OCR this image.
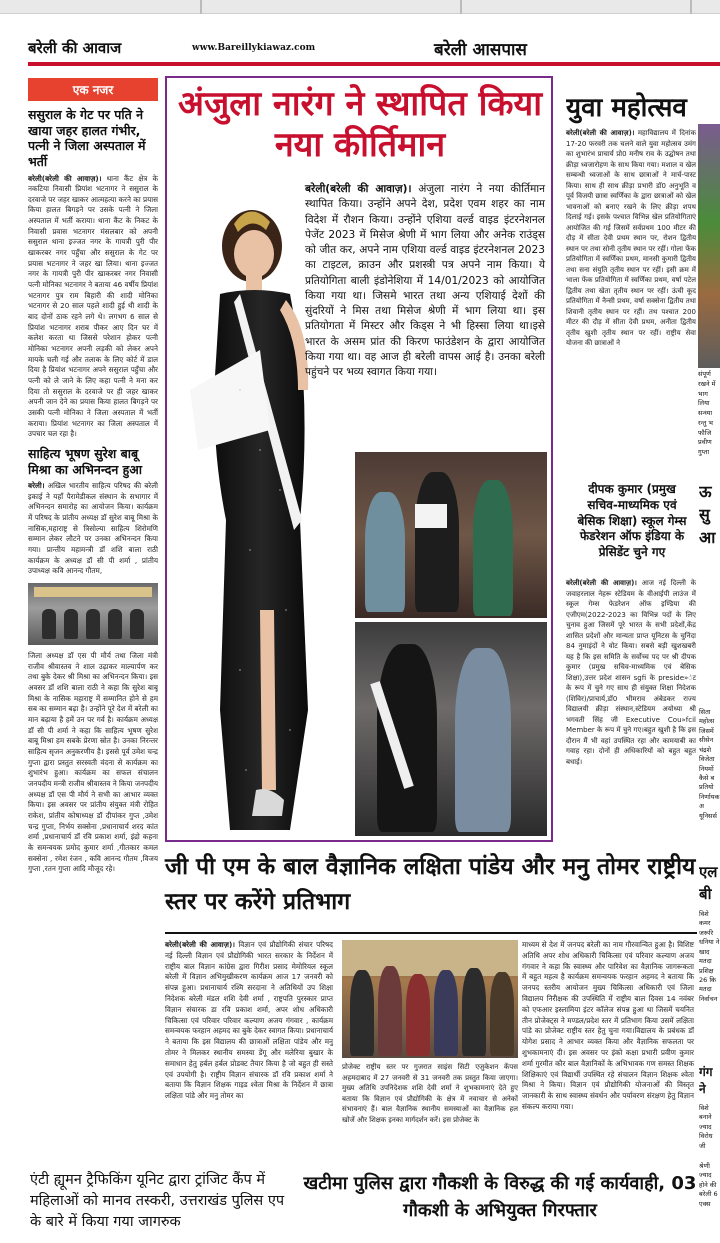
बरेली की आवाज	www.Bareillykiawaz.com	बरेली आसपास
एक नजर
ससुराल के गेट पर पति ने खाया जहर हालत गंभीर, पत्नी ने जिला अस्पताल में भर्ती
बरेली(बरेली की आवाज़)। थाना कैंट क्षेत्र के नकटिया निवासी प्रियांश भटनागर ने ससुराल के दरवाजे पर जहर खाकर आत्महत्या करने का प्रयास किया हालत बिगड़ने पर उसके पत्नी ने जिला अस्पताल में भर्ती कराया। थाना कैंट के निकट के निवासी प्रवास भटनागर मंसलबार को अपनी ससुराल थाना इज्जत नगर के गायत्री पुरी पीर खाकरबर नगर पहुँचा और ससुराल के गेट पर प्रयास भटनागर ने जहर खा लिया। थाना इज्जत नगर के गायत्री पुरी पीर खाकरबर नगर निवासी पत्नी मोनिका भटनागर ने बताया 46 वर्षीय प्रियांश भटनागर पुत्र राम बिहारी की शादी मोनिका भटनागर से 20 साल पहले शादी हुई थी शादी के बाद दोनों ठाक रहने लगे थे। लगभग 6 साल से प्रियांश भटनागर शराब पीकर आए दिन घर में कलेश करता था जिससे परेशान होकर पत्नी मोनिका भटनागर अपनी लड़की को लेकर अपने मायके चली गई और तलाक के लिए कोर्ट में डाल दिया है प्रियांश भटनागर अपने ससुराल पहुँचा और पत्नी को ले जाने के लिए कहा पत्नी ने मना कर दिया तो ससुराल के दरवाजे पर ही जहर खाकर अपनी जान देने का प्रयास किया हालत बिगड़ने पर उसकी पत्नी मोनिका ने जिला अस्पताल में भर्ती कराया। प्रियांश भटनागर का जिला अस्पताल में उपचार चल रहा है।
साहित्य भूषण सुरेश बाबू मिश्रा का अभिनन्दन हुआ
बरेली। अखिल भारतीय साहित्य परिषद की बरेली इकाई ने यहाँ पैरामेडीकल संस्थान के सभागार में अभिनन्दन समारोह का आयोजन किया। कार्यक्रम में परिषद के प्रांतीय अध्यक्ष डॉ सुरेश बाबू मिश्रा के नासिक,महाराष्ट्र से त्रिसोल्या साहित्य शिरोमणि सम्मान लेकर लौटने पर उनका अभिनन्दन किया गया। प्रान्तीय महामन्त्री डॉ शशि बाला राठी कार्यक्रम के अध्यक्ष डॉ सी पी शर्मा , प्रांतीय उपाध्यक्ष कवि आनन्द गौतम,
जिला अध्यक्ष डॉ एस पी मौर्य तथा जिला मंत्री राजीव श्रीवास्तव ने शाल उढ़ाकर माल्यार्पण कर तथा बुके देकर श्री मिश्रा का अभिनन्दन किया। इस अवसर डॉ शशि बाला राठी ने कहा कि सुरेश बाबू मिश्रा के नासिक महाराष्ट्र में सम्मानित होने से हम सब का सम्मान बढ़ा है। उन्होंने पूरे देश में बरेली का मान बढ़ाया है हमें उन पर गर्व है। कार्यक्रम अध्यक्ष डॉ सी पी शर्मा ने कहा कि साहित्य भूषण सुरेश बाबू मिश्रा हम सबके प्रेरणा स्रोत है। उनका निरन्तर साहित्य सृजन अनुकरणीय है। इससे पूर्व उमेश चन्द्र गुप्ता द्वारा प्रस्तुत सरस्वती वंदना से कार्यक्रम का शुभारंभ हुआ। कार्यक्रम का सफल संचालन जनपदीय मन्त्री राजीव श्रीवास्तव ने किया जनपदीय अध्यक्ष डॉ एस पी मौर्य ने सभी का आभार व्यक्त किया। इस अवसर पर प्रांतीय संयुक्त मंत्री रोहित राकेश, प्रांतीय कोषाध्यक्ष डॉ दीपांकर गुप्त ,उमेश चन्द्र गुप्ता, निर्भय सक्सेना ,प्रधानाचार्य शरद कांत शर्मा ,प्रधानाचार्य डॉ रवि प्रकाश शर्मा, इंद्रो कहना के समन्वयक प्रमोद कुमार शर्मा ,गीतकार कमल सक्सेना , रमेश रंजन , कवि आनन्द गौतम ,विजय गुप्ता ,रतन गुप्ता आदि मौजूद रहे।
अंजुला नारंग ने स्थापित किया नया कीर्तिमान
बरेली(बरेली की आवाज़)। अंजुला नारंग ने नया कीर्तिमान स्थापित किया। उन्होंने अपने देश, प्रदेश एवम शहर का नाम विदेश में रौशन किया। उन्होंने एशिया वर्ल्ड वाइड इंटरनेशनल पेजेंट 2023 में मिसेज श्रेणी में भाग लिया और अनेक राउंड्स को जीत कर, अपने नाम एशिया वर्ल्ड वाइड इंटरनेशनल 2023 का टाइटल, क्राउन और प्रशस्त्री पत्र अपने नाम किया। ये प्रतियोगिता बाली इंडोनेशिया में 14/01/2023 को आयोजित किया गया था। जिसमे भारत तथा अन्य एशियाई देशों की सुंदरियों ने मिस तथा मिसेज श्रेणी में भाग लिया था। इस प्रतियोगता में मिस्टर और किड्स ने भी हिस्सा लिया था।इसे भारत के असम प्रांत की किरण फाउंडेशन के द्वारा आयोजित किया गया था। वह आज ही बरेली वापस आई है। उनका बरेली पहुंचने पर भव्य स्वागत किया गया।
युवा महोत्सव
बरेली(बरेली की आवाज़)। महाविद्यालय में दिनांक 17-20 फरवरी तक चलने वाले युवा महोत्सव उमंग का शुभारंभ प्राचार्य प्रो0 मनीष राव के उद्घोषन तथा क्रीड़ा ध्वजारोहण के साथ किया गया। मशाल व खेल सम्बन्धी ध्वजाओं के साथ छात्राओं ने मार्च-पास्ट किया। साथ ही साथ क्रीड़ा प्रभारी डॉ0 अनुभूति व पूर्व विजयी छात्रा स्वर्णिका के द्वारा छात्राओं को खेल भावनाओं को बनाए रखने के लिए क्रीड़ा शपथ दिलाई गई। इसके पश्चात विभिन्न खेल प्रतियोगिताएं आयोजित की गई जिसमें सर्वप्रथम 100 मीटर की दौड़ में सीता देवी प्रथम स्थान पर, रोशन द्वितीय स्थान पर तथा सोनी तृतीय स्थान पर रहीं। गोला फेंक प्रतियोगिता में स्वर्णिका प्रथम, मानसी कुमारी द्वितीय तथा सना संयुति तृतीय स्थान पर रहीं। इसी क्रम में भाला फेंक प्रतियोगिता में स्वर्णिका प्रथम, वर्षा पटेल द्वितीय तथा खेता तृतीय स्थान पर रहीं। ऊंची कूद प्रतियोगिता में नैन्सी प्रथम, वर्षा सक्सेना द्वितीय तथा शिवानी तृतीय स्थान पर रहीं। तथ पश्चात 200 मीटर की दौड़ में सीता देवी प्रथम, अनीता द्वितीय तृतीय खुशी तृतीय स्थान पर रहीं। राष्ट्रीय सेवा योजना की छात्राओं ने
संपूर्ण रखने में भाग लिया सन्ध्या रन्तु भ फौजि प्रवीण गुप्ता
दीपक कुमार (प्रमुख सचिव-माध्यमिक एवं बेसिक शिक्षा) स्कूल गेम्स फेडरेशन ऑफ इंडिया के प्रेसिडेंट चुने गए
बरेली(बरेली की आवाज़)। आज नई दिल्ली के जवाहरलाल नेहरू स्टेडियम के वीआईपी लाउंज में स्कूल गेम्स फेडरेशन ऑफ इण्डिया की एजीएम(2022-2023 का विभिन्न पदों के लिए चुनाव हुआ जिसमें पूरे भारत के सभी प्रदेशों,केंद्र शासित प्रदेशों और मान्यता प्राप्त यूनिटस के चुनिंदा 84 नुमाइंदों ने वोट किया। सबसे बड़ी खुशखबरी यह है कि इस समिति के सर्वोच्च पद पर श्री दीपक कुमार (प्रमुख सचिव-माध्यमिक एवं बेसिक शिक्षा),उत्तर प्रदेश शासन sgfi के preside»ंंट के रूप में चुने गए साथ ही संयुक्त शिक्षा निदेशक (शिविर)/प्राचार्य,डॉ0 भीमराव अंबेडकर राज्य विद्यालयी क्रीड़ा संस्थान,स्टेडियम अयोध्या श्री भगवती सिंह जी Executive Cou»fcil Member के रूप में चुने गए।बहुत खुशी है कि इस दौरान मैं भी वहां उपस्थित रहा और कामयाबी का गवाह रहा। दोनों ही अधिकारियों को बहुत बहुत बधाई।
ऊ सु आ
सिता महोत्स जिसमें सीसेन चंद्रशे विजेता नियमों कैसे ब प्रतियो निर्णायक अ यूनिसर्स
एल बी
विशे कमर जरूरि धनिया ने खाद मतदा प्रशिक्ष 26 कि मतदा निर्वाचन
गंग ने
विशे बनाने ज्याद विरोध जी
श्रेणी ज्याद होने की बरेली 6 एक्स
जी पी एम के बाल वैज्ञानिक लक्षिता पांडेय और मनु तोमर राष्ट्रीय स्तर पर करेंगे प्रतिभाग
बरेली(बरेली की आवाज़)। विज्ञान एवं प्रौद्योगिकी संचार परिषद नई दिल्ली विज्ञान एवं प्रौद्योगिकी भारत सरकार के निर्देशन में राष्ट्रीय बाल विज्ञान कांग्रेस द्वारा गिरीश प्रसाद मेमोरियल स्कूल बरेली में विज्ञान अभिमुखीकरण कार्यक्रम आज 17 जनवरी को संपन्न हुआ। प्रधानाचार्य रश्मि सरदाना ने अतिथियों उप शिक्षा निदेशक बरेली मंडल शशि देवी शर्मा , राष्ट्रपति पुरस्कार प्राप्त विज्ञान संचारक डा रवि प्रकाश शर्मा, अपर शोध अधिकारी चिकित्सा एवं परिवार परिवार कल्याण अजय गंगवार , कार्यक्रम समन्वयक फरहान अहमद का बुके देकर स्वागत किया। प्रधानाचार्य ने बताया कि इस विद्यालय की छात्राओं लक्षिता पांडेय और मनु तोमर ने मिलकर स्थानीय समस्या डेंगू और मलेरिया बुखार के समाधान हेतु हर्बल हर्बल प्रोडक्ट तैयार किया है जो बहुत ही सस्ते एवं उपयोगी है। राष्ट्रीय विज्ञान संचारक डॉ रवि प्रकाश शर्मा ने बताया कि विज्ञान शिक्षक गाइड श्वेता मिश्रा के निर्देशन में छात्रा लक्षिता पांडे और मनु तोमर का
प्रोजेक्ट राष्ट्रीय स्तर पर गुजरात साइंस सिटी एजुकेशन केंपस अहमदाबाद में 27 जनवरी से 31 जनवरी तक प्रस्तुत किया जाएगा। मुख्य अतिथि उपनिदेशक शशि देवी शर्मा ने शुभकामनाएं देते हुए बताया कि विज्ञान एवं प्रौद्योगिकी के क्षेत्र में नवाचार से अनेकों संभावनाएं हैं। बाल वैज्ञानिक स्थानीय समस्याओं का वैज्ञानिक हल खोजें और शिक्षक इनका मार्गदर्शन करें। इस प्रोजेक्ट के
माध्यम से देश में जनपद बरेली का नाम गौरवान्वित हुआ है। विशिष्ट अतिथि अपर शोध अधिकारी चिकित्सा एवं परिवार कल्याण अजय गंगवार ने कहा कि स्वास्थ्य और पारिवेश का वैज्ञानिक जागरूकता में बहुत महत्व है कार्यक्रम समन्वयक फरहान अहमद ने बताया कि जनपद स्तरीय आयोजन मुख्य चिकित्सा अधिकारी एवं जिला विद्यालय निरीक्षक की उपस्थिति में राष्ट्रीय बाल दिवस 14 नवंबर को एफआर इस्लामिया इंटर कॉलेज संपन्न हुआ था जिसमें चयनित तीन प्रोजेक्ट्स ने मण्डल/प्रदेश स्तर में प्रतिभाग किया उसमें लक्षिता पांडे का प्रोजेक्ट राष्ट्रीय स्तर हेतु चुना गया।विद्यालय के प्रबंधक डॉ योगेश प्रसाद ने आभार व्यक्त किया और वैज्ञानिक सफलता पर शुभकामनाएं दी। इस अवसर पर इंको कक्षा प्रभारी प्रवीण कुमार शर्मा गुरमीत कौर बाल वैज्ञानिकों के अभिभावक गण समस्त शिक्षक शिक्षिकाएं एवं विद्यार्थी उपस्थित रहे संचालन विज्ञान शिक्षक श्वेता मिश्रा ने किया। विज्ञान एवं प्रौद्योगिकी योजनाओं की विस्तृत जानकारी के साथ स्वास्थ्य संवर्धन और पर्यावरण संरक्षण हेतु विज्ञान संकल्प कराया गया।
एंटी ह्यूमन ट्रैफिकिंग यूनिट द्वारा ट्रांजिट कैंप में महिलाओं को मानव तस्करी, उत्तराखंड पुलिस एप के बारे में किया गया जागरुक
खटीमा पुलिस द्वारा गौकशी के विरुद्ध की गई कार्यवाही, 03 गौकशी के अभियुक्त गिरफ्तार
